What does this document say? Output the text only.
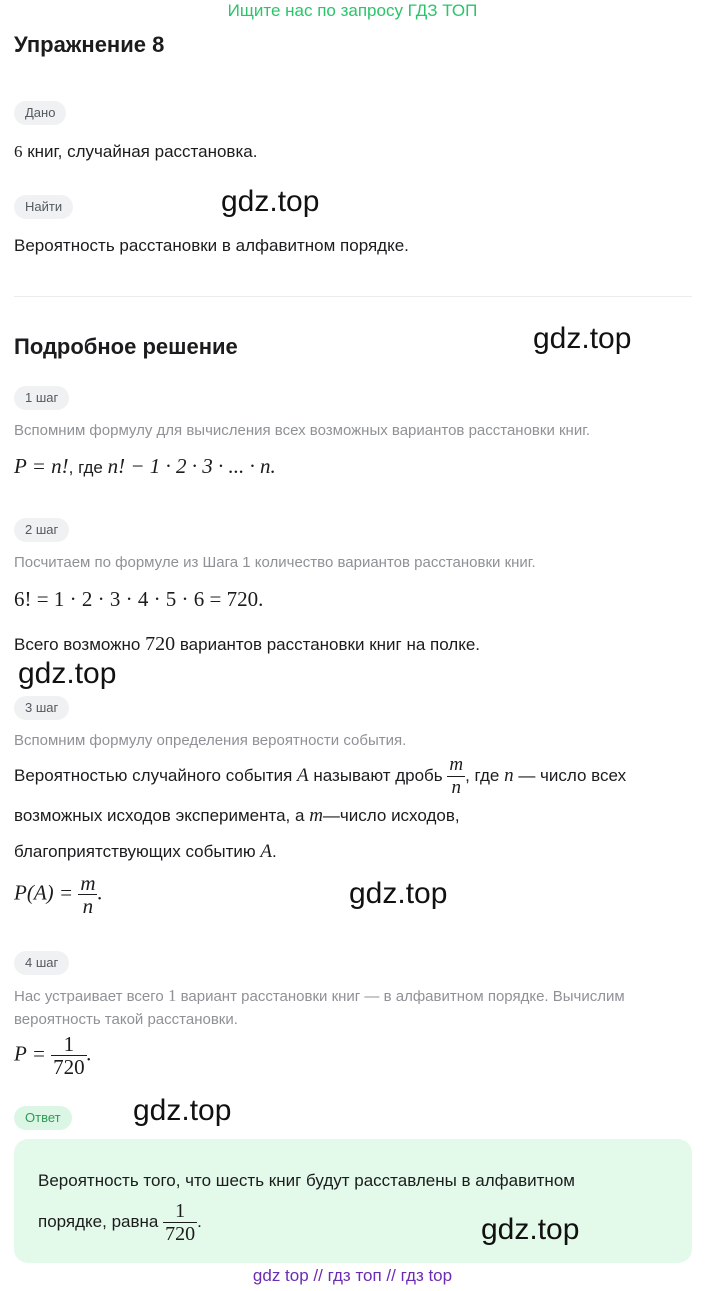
Ищите нас по запросу ГДЗ ТОП
Упражнение 8
Дано
6 книг, случайная расстановка.
Найти
Вероятность расстановки в алфавитном порядке.
gdz.top
Подробное решение	gdz.top
1 шаг
Вспомним формулу для вычисления всех возможных вариантов расстановки книг.
P = n!, где n! − 1 · 2 · 3 · ... · n.
2 шаг
Посчитаем по формуле из Шага 1 количество вариантов расстановки книг.
6! = 1 · 2 · 3 · 4 · 5 · 6 = 720.
Всего возможно 720 вариантов расстановки книг на полке.
gdz.top
3 шаг
Вспомним формулу определения вероятности события.
Вероятностью случайного события A называют дробь $\frac{m}{n}$ , где n — число всех
возможных исходов эксперимента, а m—число исходов,
благоприятствующих событию A.
$P(A) = \frac{m}{n}$ .	gdz.top
4 шаг
Нас устраивает всего 1 вариант расстановки книг — в алфавитном порядке. Вычислим
вероятность такой расстановки.
$P = \frac{1}{720}$ .
Ответ	gdz.top
Вероятность того, что шесть книг будут расставлены в алфавитном
порядке, равна $\frac{1}{720}$ .	gdz.top
gdz top // гдз топ // гдз top
